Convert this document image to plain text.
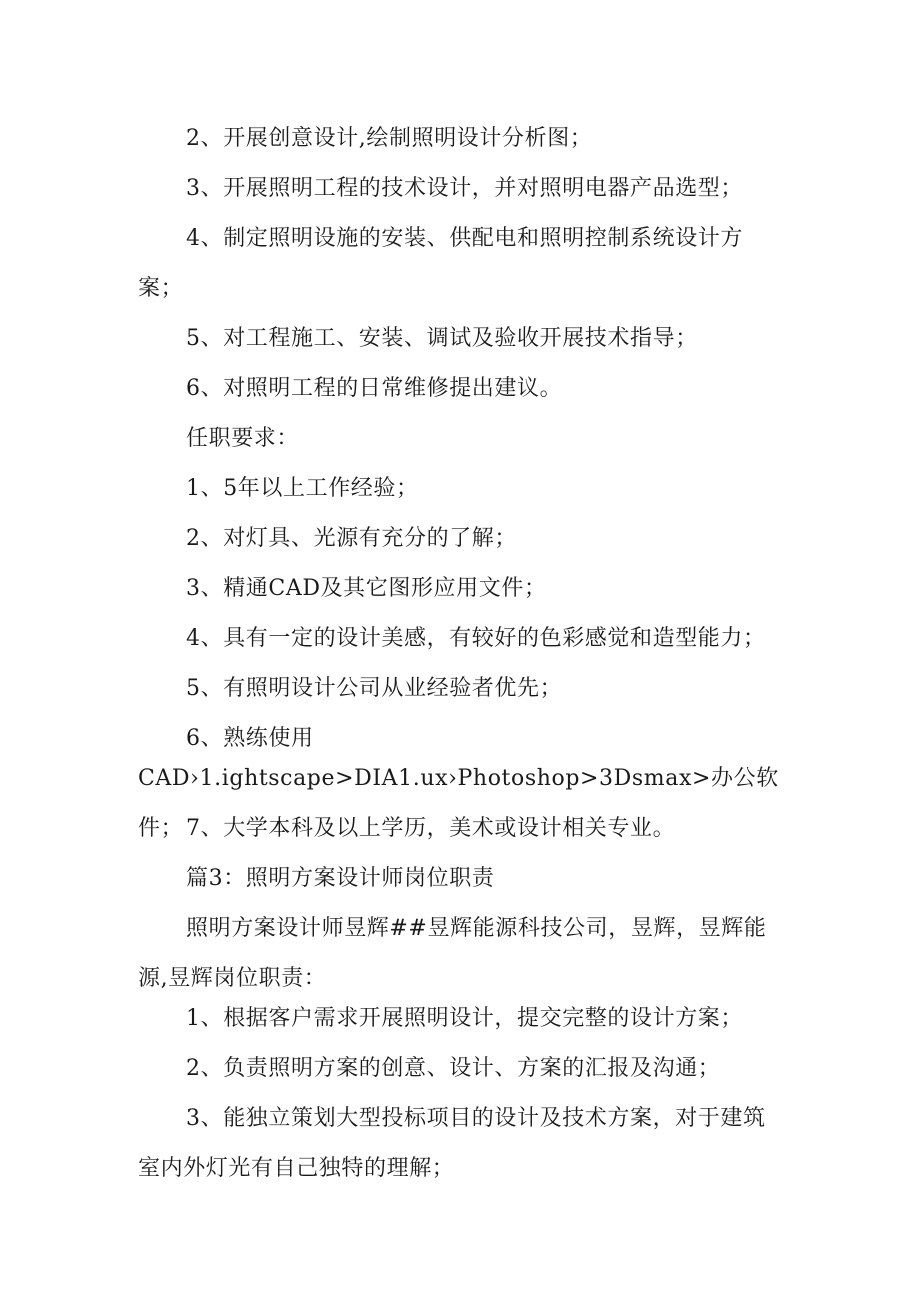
2、开展创意设计,绘制照明设计分析图；

3、开展照明工程的技术设计，并对照明电器产品选型；

4、制定照明设施的安装、供配电和照明控制系统设计方案；

5、对工程施工、安装、调试及验收开展技术指导；

6、对照明工程的日常维修提出建议。

任职要求：

1、5年以上工作经验；

2、对灯具、光源有充分的了解；

3、精通CAD及其它图形应用文件；

4、具有一定的设计美感，有较好的色彩感觉和造型能力；

5、有照明设计公司从业经验者优先；

6、熟练使用

CAD›1.ightscape>DIA1.ux›Photoshop>3Dsmax>办公软件； 7、大学本科及以上学历，美术或设计相关专业。

篇3：照明方案设计师岗位职责

照明方案设计师昱辉##昱辉能源科技公司，昱辉，昱辉能源,昱辉岗位职责：

1、根据客户需求开展照明设计，提交完整的设计方案；

2、负责照明方案的创意、设计、方案的汇报及沟通；

3、能独立策划大型投标项目的设计及技术方案，对于建筑室内外灯光有自己独特的理解；
